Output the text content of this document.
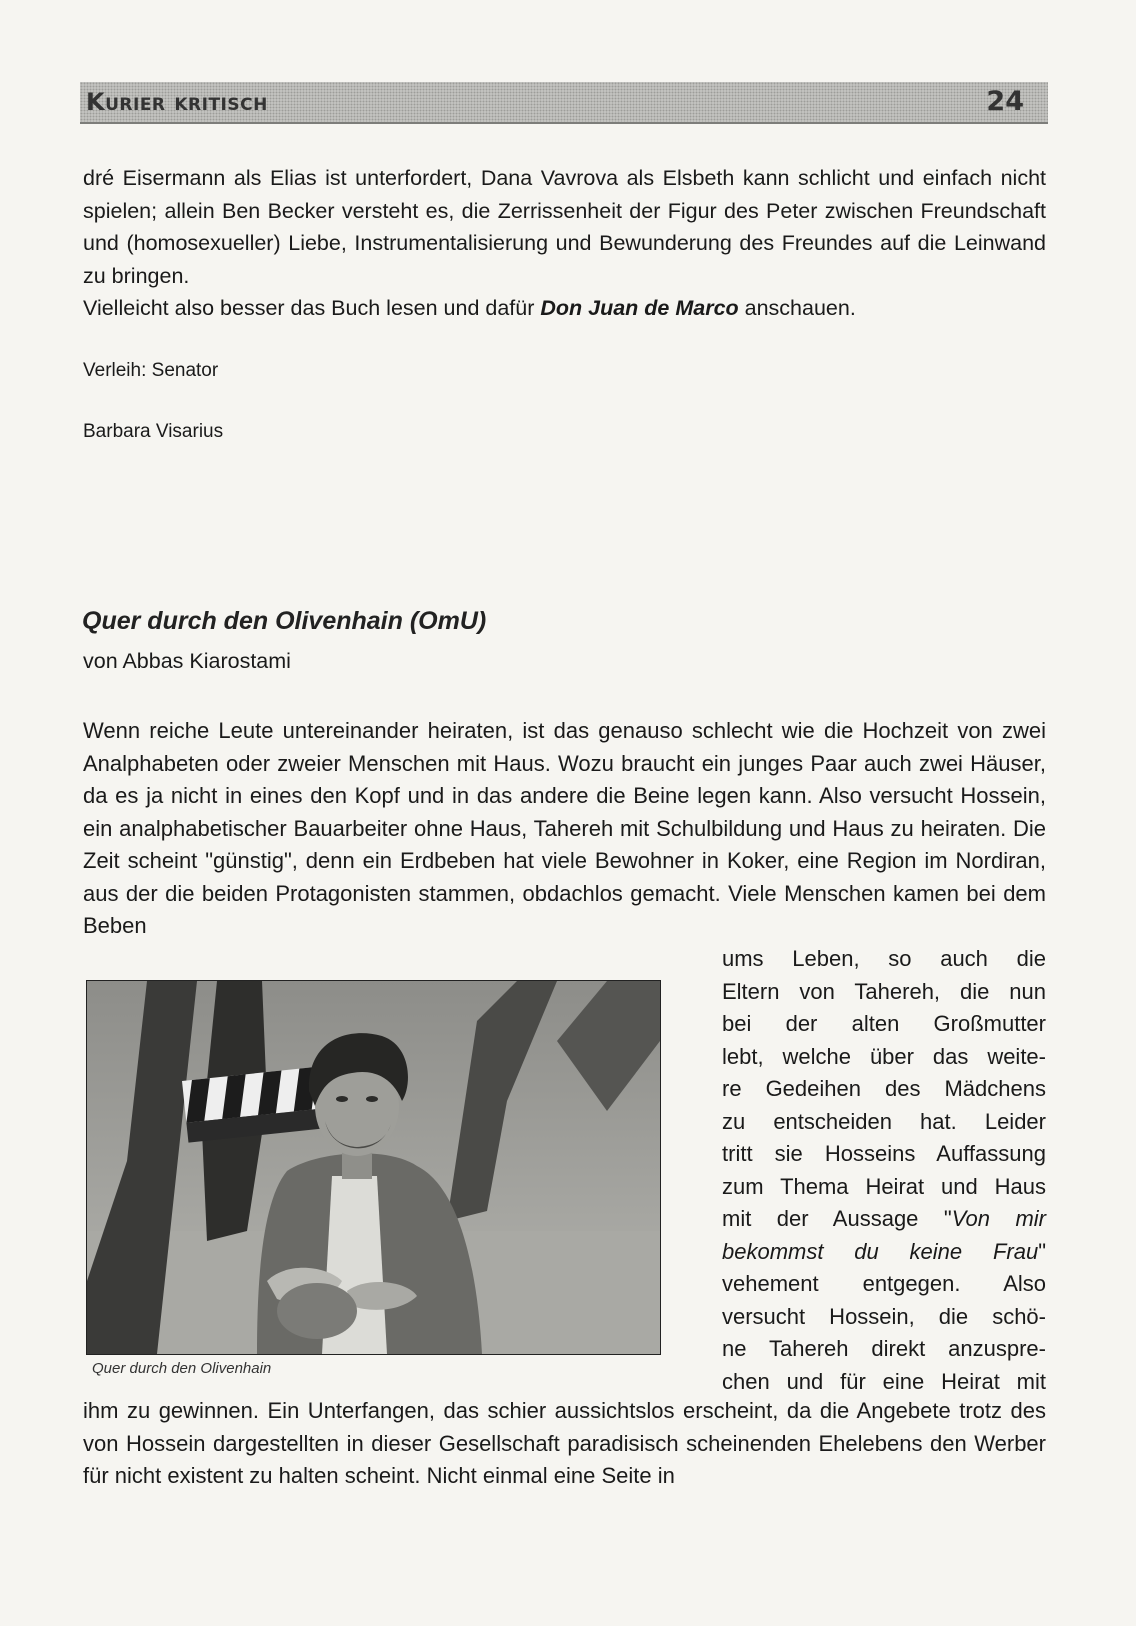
Kurier kritisch	24

dré Eisermann als Elias ist unterfordert, Dana Vavrova als Elsbeth kann schlicht und einfach nicht spielen; allein Ben Becker versteht es, die Zerrissenheit der Figur des Peter zwischen Freundschaft und (homosexueller) Liebe, Instrumentalisierung und Bewunderung des Freundes auf die Leinwand zu bringen.

Vielleicht also besser das Buch lesen und dafür Don Juan de Marco anschauen.

Verleih: Senator

Barbara Visarius

Quer durch den Olivenhain (OmU)

von Abbas Kiarostami

Wenn reiche Leute untereinander heiraten, ist das genauso schlecht wie die Hochzeit von zwei Analphabeten oder zweier Menschen mit Haus. Wozu braucht ein junges Paar auch zwei Häuser, da es ja nicht in eines den Kopf und in das andere die Beine legen kann. Also versucht Hossein, ein analphabetischer Bauarbeiter ohne Haus, Tahereh mit Schulbildung und Haus zu heiraten. Die Zeit scheint "günstig", denn ein Erdbeben hat viele Bewohner in Koker, eine Region im Nordiran, aus der die beiden Protagonisten stammen, obdachlos gemacht. Viele Menschen kamen bei dem Beben

Quer durch den Olivenhain

ums Leben, so auch die
Eltern von Tahereh, die nun
bei der alten Großmutter
lebt, welche über das weite-
re Gedeihen des Mädchens
zu entscheiden hat. Leider
tritt sie Hosseins Auffassung
zum Thema Heirat und Haus
mit der Aussage "Von mir
bekommst du keine Frau"
vehement entgegen. Also
versucht Hossein, die schö-
ne Tahereh direkt anzuspre-
chen und für eine Heirat mit

ihm zu gewinnen. Ein Unterfangen, das schier aussichtslos erscheint, da die Angebete trotz des von Hossein dargestellten in dieser Gesellschaft paradisisch scheinenden Ehelebens den Werber für nicht existent zu halten scheint. Nicht einmal eine Seite in
